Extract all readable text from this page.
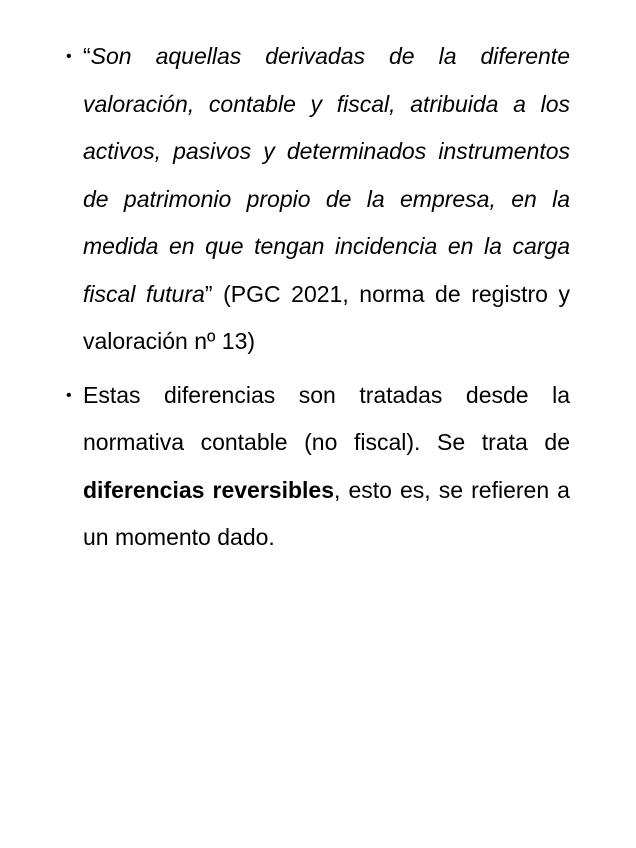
• “Son aquellas derivadas de la diferente valoración, contable y fiscal, atribuida a los activos, pasivos y determinados instrumentos de patrimonio propio de la empresa, en la medida en que tengan incidencia en la carga fiscal futura” (PGC 2021, norma de registro y valoración nº 13)
• Estas diferencias son tratadas desde la normativa contable (no fiscal). Se trata de diferencias reversibles, esto es, se refieren a un momento dado.
